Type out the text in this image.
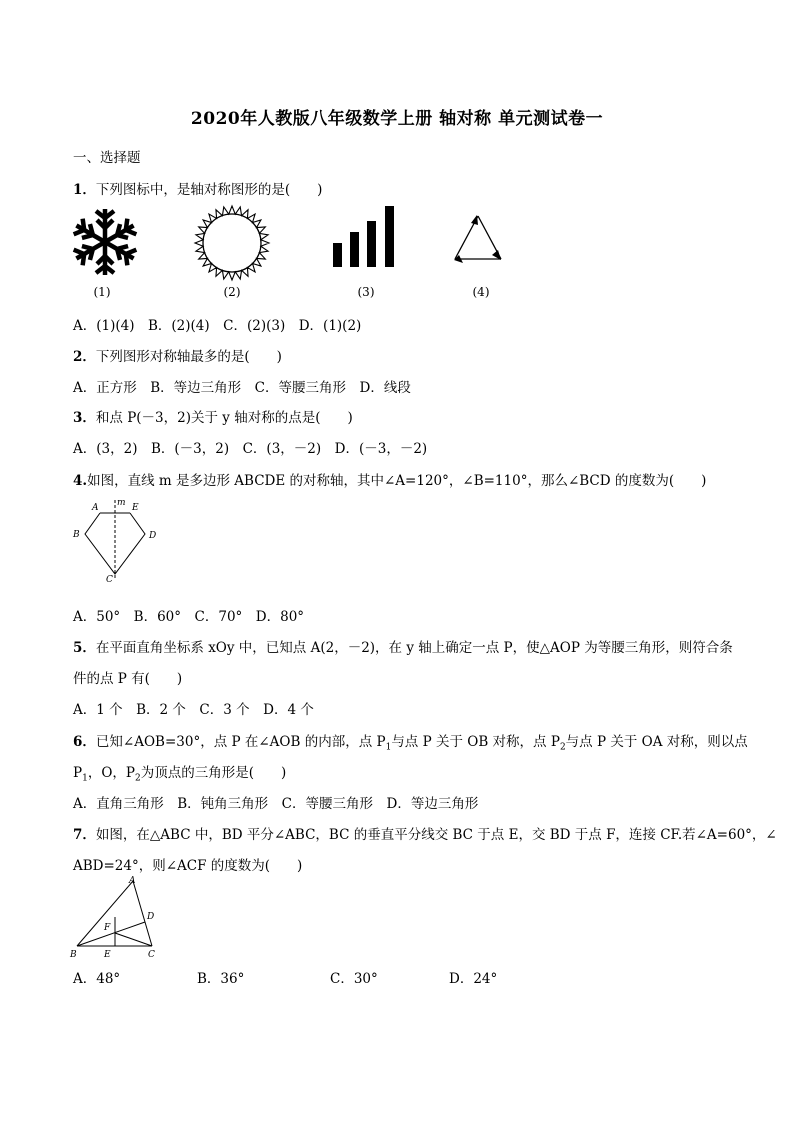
2020年人教版八年级数学上册 轴对称 单元测试卷一
一、选择题
1．下列图标中，是轴对称图形的是(　　)
(1)	(2)	(3)	(4)
A．(1)(4)　B．(2)(4)　C．(2)(3)　D．(1)(2)
2．下列图形对称轴最多的是(　　)
A．正方形　B．等边三角形　C．等腰三角形　D．线段
3．和点 P(－3，2)关于 y 轴对称的点是(　　)
A．(3，2)　B．(－3，2)　C．(3，－2)　D．(－3，－2)
4.如图，直线 m 是多边形 ABCDE 的对称轴，其中∠A=120°，∠B=110°，那么∠BCD 的度数为(　　)
A m E
B	D
C
A．50°　B．60°　C．70°　D．80°
5．在平面直角坐标系 xOy 中，已知点 A(2，－2)，在 y 轴上确定一点 P，使△AOP 为等腰三角形，则符合条
件的点 P 有(　　)
A．1 个　B．2 个　C．3 个　D．4 个
6．已知∠AOB=30°，点 P 在∠AOB 的内部，点 $P_1$与点 P 关于 OB 对称，点 $P_2$与点 P 关于 OA 对称，则以点
$P_1$，O，$P_2$为顶点的三角形是(　　)
A．直角三角形　B．钝角三角形　C．等腰三角形　D．等边三角形
7．如图，在△ABC 中，BD 平分∠ABC，BC 的垂直平分线交 BC 于点 E，交 BD 于点 F，连接 CF.若∠A=60°，∠
ABD=24°，则∠ACF 的度数为(　　)
A
D
F
B	E	C
A．48°	B．36°	C．30°	D．24°
